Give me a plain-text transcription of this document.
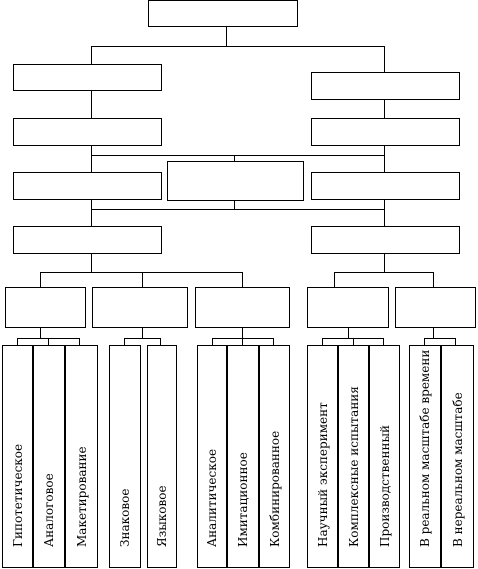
Гипотетическое Аналоговое Макетирование Знаковое Языковое	Аналитическое Имитационное Комбинированное	Научный эксперимент Комплексные испытания Производственный В реальном масштабе времени В нереальном масштабе
